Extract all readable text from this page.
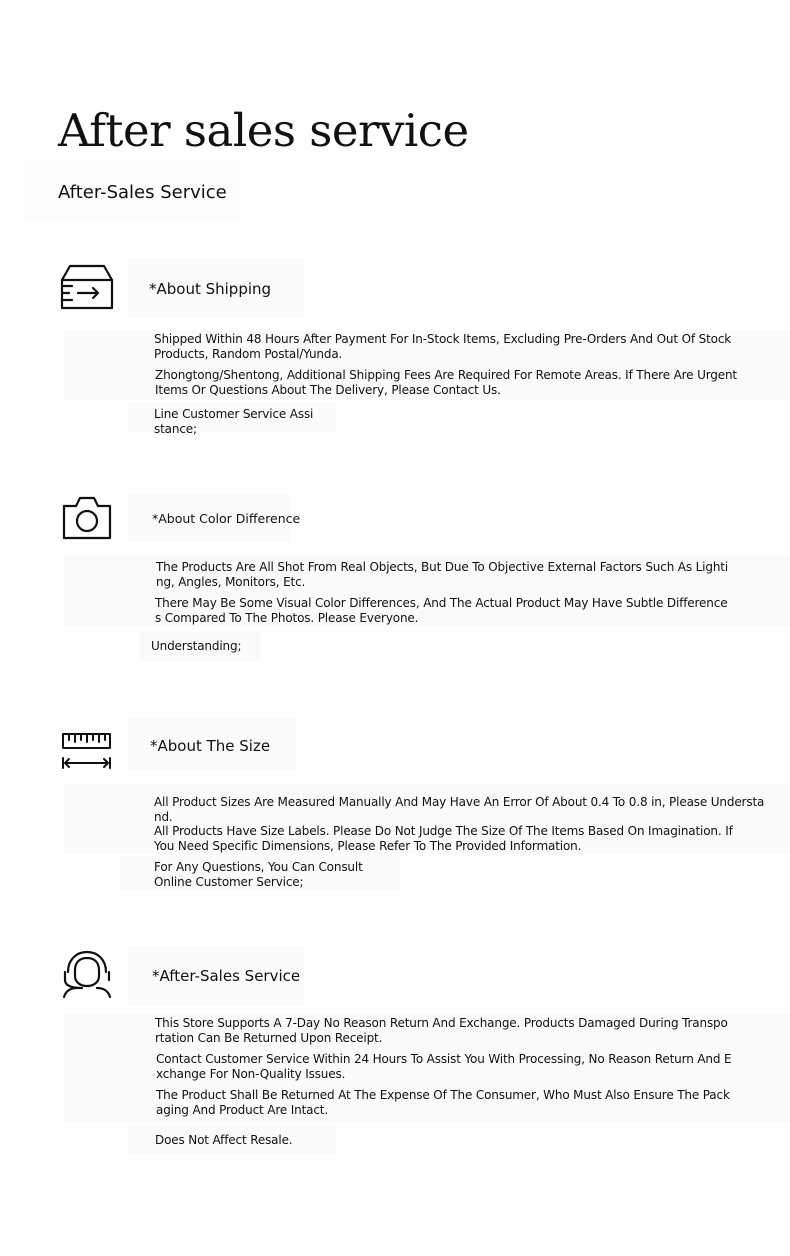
After sales service
After-Sales Service
*About Shipping

Shipped Within 48 Hours After Payment For In-Stock Items, Excluding Pre-Orders And Out Of Stock Products, Random Postal/Yunda.

Zhongtong/Shentong, Additional Shipping Fees Are Required For Remote Areas. If There Are Urgent Items Or Questions About The Delivery, Please Contact Us.

Line Customer Service Assistance;

*About Color Difference

The Products Are All Shot From Real Objects, But Due To Objective External Factors Such As Lighting, Angles, Monitors, Etc.

There May Be Some Visual Color Differences, And The Actual Product May Have Subtle Differences Compared To The Photos. Please Everyone.

Understanding;

*About The Size

All Product Sizes Are Measured Manually And May Have An Error Of About 0.4 To 0.8 in, Please Understand.

All Products Have Size Labels. Please Do Not Judge The Size Of The Items Based On Imagination. If You Need Specific Dimensions, Please Refer To The Provided Information.

For Any Questions, You Can Consult Online Customer Service;

*After-Sales Service

This Store Supports A 7-Day No Reason Return And Exchange. Products Damaged During Transportation Can Be Returned Upon Receipt.

Contact Customer Service Within 24 Hours To Assist You With Processing, No Reason Return And Exchange For Non-Quality Issues.

The Product Shall Be Returned At The Expense Of The Consumer, Who Must Also Ensure The Packaging And Product Are Intact.

Does Not Affect Resale.
